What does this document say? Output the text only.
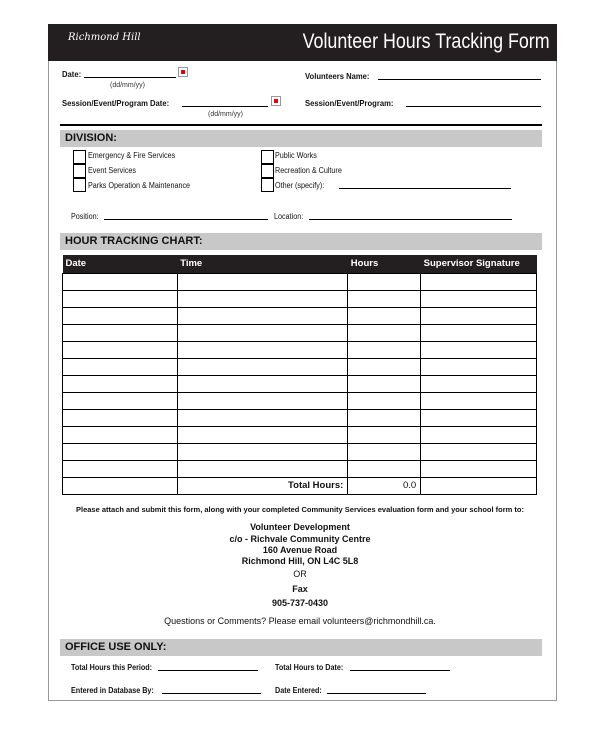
Richmond Hill	Volunteer Hours Tracking Form
Date:
(dd/mm/yy)
Session/Event/Program Date:
(dd/mm/yy)
Volunteers Name:
Session/Event/Program:
DIVISION:
Emergency & Fire Services
Event Services
Parks Operation & Maintenance
Public Works
Recreation & Culture
Other (specify):
Position:	Location:
HOUR TRACKING CHART:
Date	Time	Hours	Supervisor Signature

	Total Hours:	0.0	
Please attach and submit this form, along with your completed Community Services evaluation form and your school form to:
Volunteer Development
c/o - Richvale Community Centre
160 Avenue Road
Richmond Hill, ON L4C 5L8
OR
Fax
905-737-0430
Questions or Comments? Please email volunteers@richmondhill.ca.
OFFICE USE ONLY:
Total Hours this Period:	Total Hours to Date:
Entered in Database By:	Date Entered:
